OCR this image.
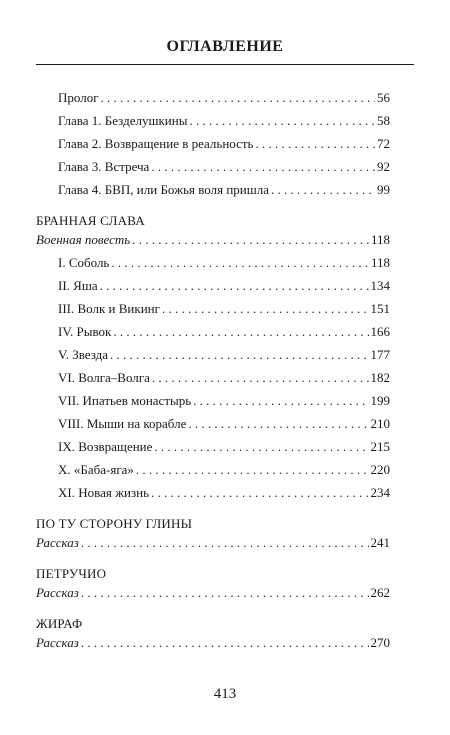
ОГЛАВЛЕНИЕ
Пролог . . .	56
Глава 1. Безделушкины . . .	58
Глава 2. Возвращение в реальность . . .	72
Глава 3. Встреча . . .	92
Глава 4. БВП, или Божья воля пришла . . .	99
БРАННАЯ СЛАВА
Военная повесть . . .	118
I. Соболь . . .	118
II. Яша . . .	134
III. Волк и Викинг . . .	151
IV. Рывок . . .	166
V. Звезда . . .	177
VI. Волга–Волга . . .	182
VII. Ипатьев монастырь . . .	199
VIII. Мыши на корабле . . .	210
IX. Возвращение . . .	215
X. «Баба-яга» . . .	220
XI. Новая жизнь . . .	234
ПО ТУ СТОРОНУ ГЛИНЫ
Рассказ . . .	241
ПЕТРУЧИО
Рассказ . . .	262
ЖИРАФ
Рассказ . . .	270
413
